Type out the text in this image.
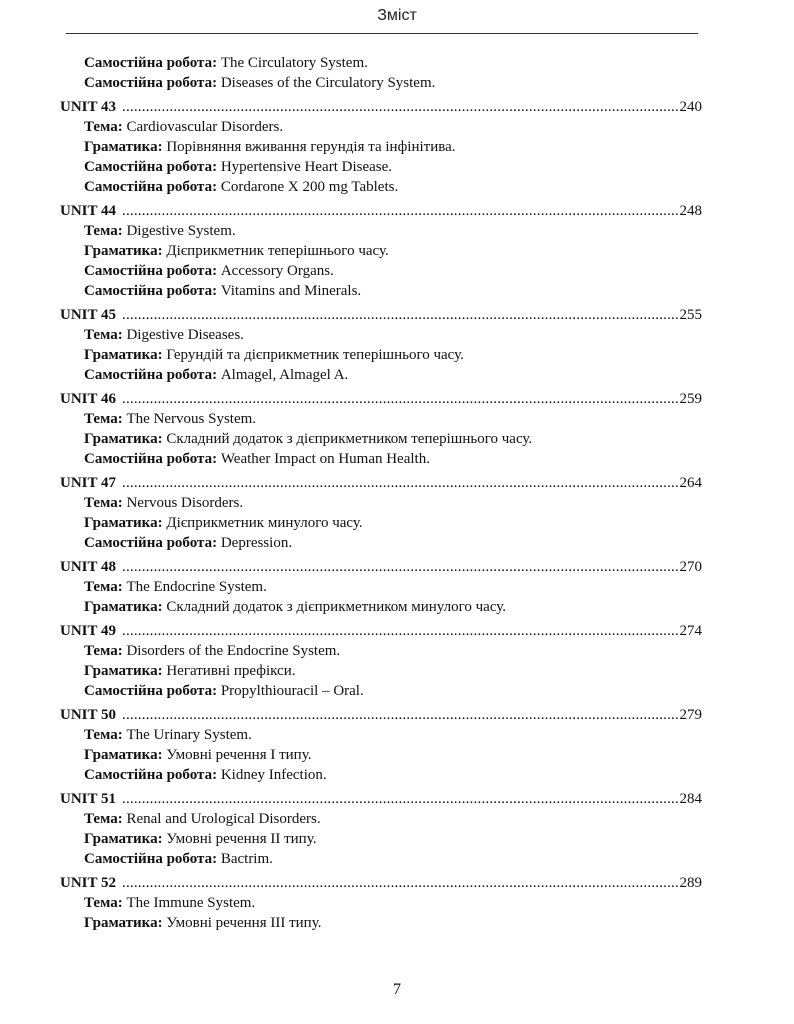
Зміст
Самостійна робота: The Circulatory System.
Самостійна робота: Diseases of the Circulatory System.
UNIT 43 .....	240
Тема: Cardiovascular Disorders.
Граматика: Порівняння вживання герундія та інфінітива.
Самостійна робота: Hypertensive Heart Disease.
Самостійна робота: Cordarone X 200 mg Tablets.
UNIT 44 .....	248
Тема: Digestive System.
Граматика: Дієприкметник теперішнього часу.
Самостійна робота: Accessory Organs.
Самостійна робота: Vitamins and Minerals.
UNIT 45 .....	255
Тема: Digestive Diseases.
Граматика: Герундій та дієприкметник теперішнього часу.
Самостійна робота: Almagel, Almagel A.
UNIT 46 .....	259
Тема: The Nervous System.
Граматика: Складний додаток з дієприкметником теперішнього часу.
Самостійна робота: Weather Impact on Human Health.
UNIT 47 .....	264
Тема: Nervous Disorders.
Граматика: Дієприкметник минулого часу.
Самостійна робота: Depression.
UNIT 48 .....	270
Тема: The Endocrine System.
Граматика: Складний додаток з дієприкметником минулого часу.
UNIT 49 .....	274
Тема: Disorders of the Endocrine System.
Граматика: Негативні префікси.
Самостійна робота: Propylthiouracil – Oral.
UNIT 50 .....	279
Тема: The Urinary System.
Граматика: Умовні речення I типу.
Самостійна робота: Kidney Infection.
UNIT 51 .....	284
Тема: Renal and Urological Disorders.
Граматика: Умовні речення II типу.
Самостійна робота: Bactrim.
UNIT 52 .....	289
Тема: The Immune System.
Граматика: Умовні речення III типу.
7
